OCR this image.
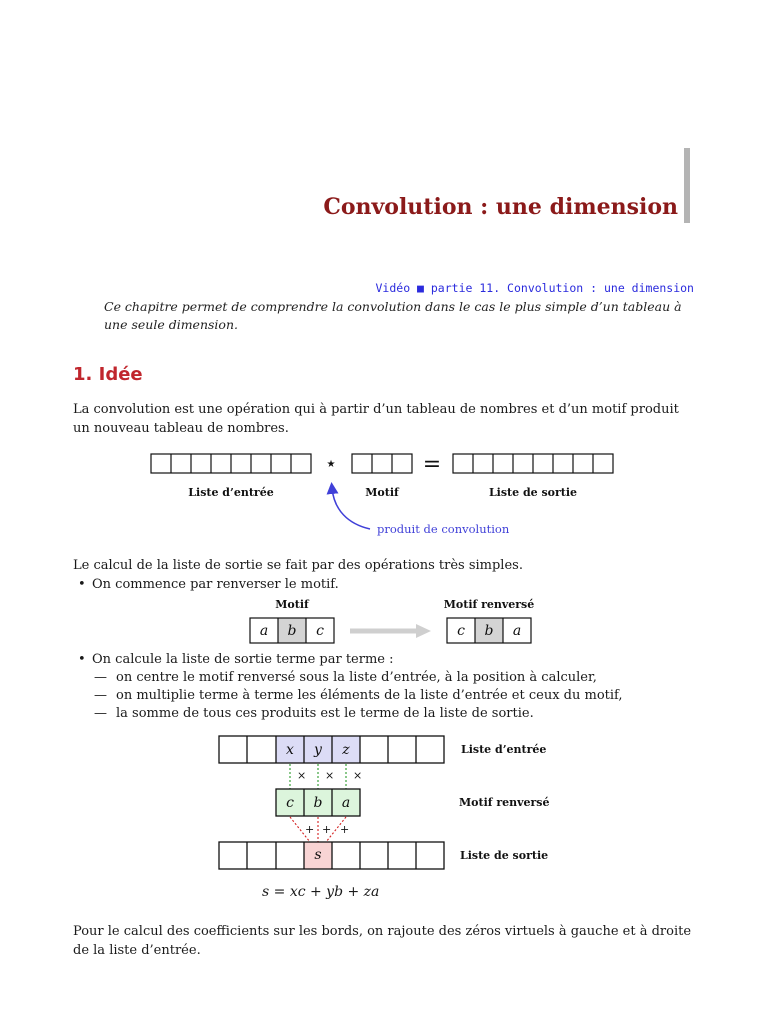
Convolution : une dimension
Vidéo ■ partie 11. Convolution : une dimension
Ce chapitre permet de comprendre la convolution dans le cas le plus simple d’un tableau à une seule dimension.
1. Idée
La convolution est une opération qui à partir d’un tableau de nombres et d’un motif produit un nouveau tableau de nombres.
⋆	=
Liste d’entrée	Motif	Liste de sortie
produit de convolution
Le calcul de la liste de sortie se fait par des opérations très simples.
• On commence par renverser le motif.
Motif	Motif renversé
a b c	c b a
• On calcule la liste de sortie terme par terme :
— on centre le motif renversé sous la liste d’entrée, à la position à calculer,
— on multiplie terme à terme les éléments de la liste d’entrée et ceux du motif,
— la somme de tous ces produits est le terme de la liste de sortie.
x y z	Liste d’entrée
× × ×
c b a	Motif renversé
+ + +
s	Liste de sortie
s = xc + yb + za
Pour le calcul des coefficients sur les bords, on rajoute des zéros virtuels à gauche et à droite de la liste d’entrée.
